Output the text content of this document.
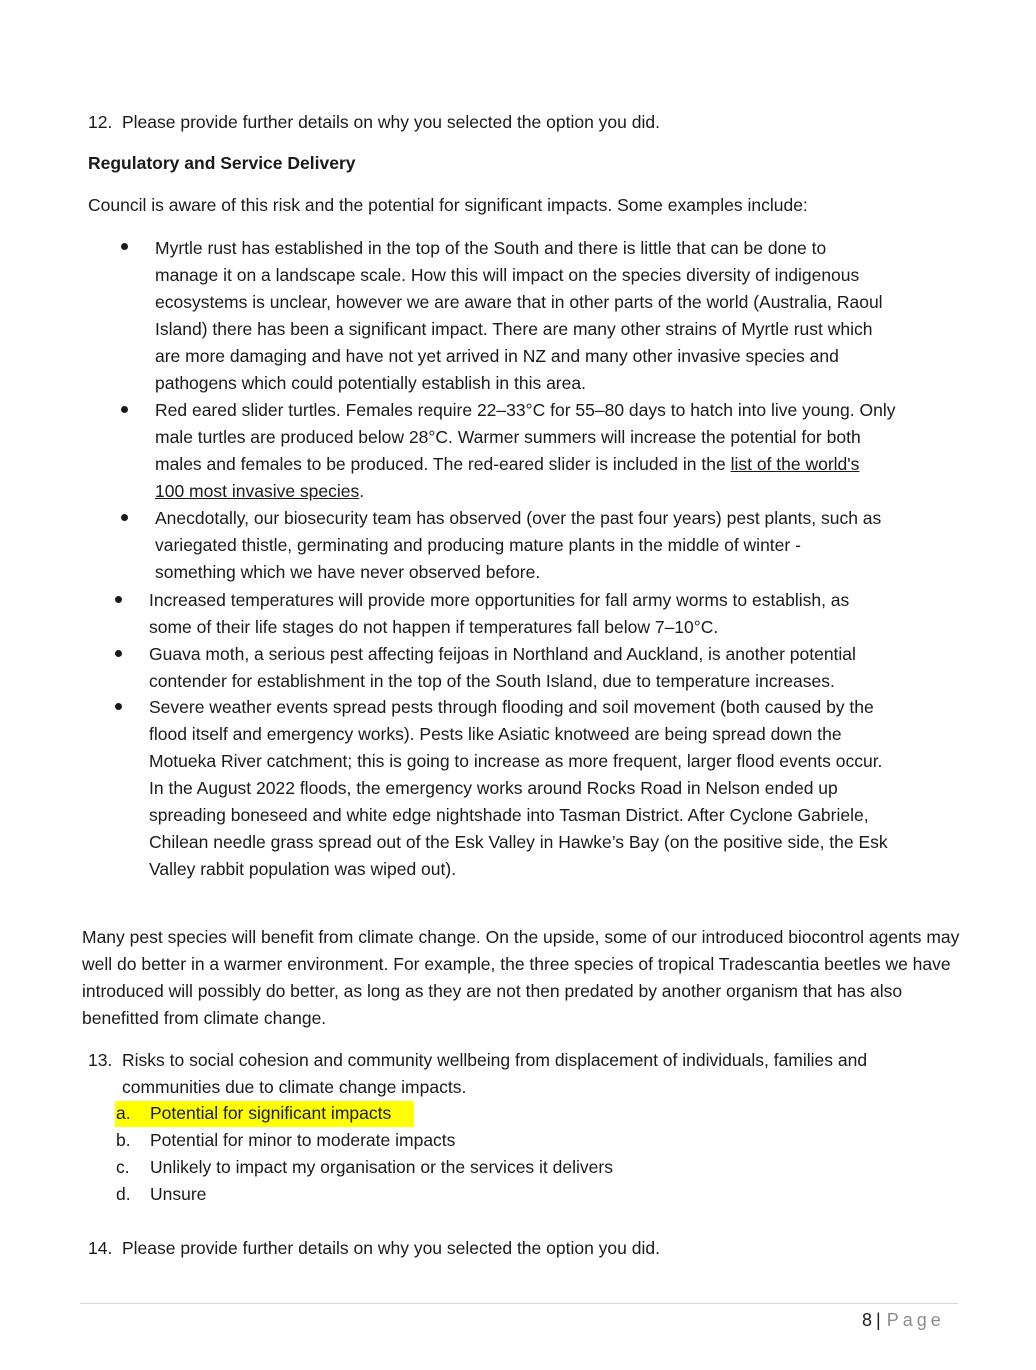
12. Please provide further details on why you selected the option you did.
Regulatory and Service Delivery
Council is aware of this risk and the potential for significant impacts. Some examples include:
Myrtle rust has established in the top of the South and there is little that can be done to
manage it on a landscape scale. How this will impact on the species diversity of indigenous
ecosystems is unclear, however we are aware that in other parts of the world (Australia, Raoul
Island) there has been a significant impact. There are many other strains of Myrtle rust which
are more damaging and have not yet arrived in NZ and many other invasive species and
pathogens which could potentially establish in this area.
Red eared slider turtles. Females require 22–33°C for 55–80 days to hatch into live young. Only
male turtles are produced below 28°C. Warmer summers will increase the potential for both
males and females to be produced. The red-eared slider is included in the list of the world's
100 most invasive species.
Anecdotally, our biosecurity team has observed (over the past four years) pest plants, such as
variegated thistle, germinating and producing mature plants in the middle of winter -
something which we have never observed before.
Increased temperatures will provide more opportunities for fall army worms to establish, as
some of their life stages do not happen if temperatures fall below 7–10°C.
Guava moth, a serious pest affecting feijoas in Northland and Auckland, is another potential
contender for establishment in the top of the South Island, due to temperature increases.
Severe weather events spread pests through flooding and soil movement (both caused by the
flood itself and emergency works). Pests like Asiatic knotweed are being spread down the
Motueka River catchment; this is going to increase as more frequent, larger flood events occur.
In the August 2022 floods, the emergency works around Rocks Road in Nelson ended up
spreading boneseed and white edge nightshade into Tasman District. After Cyclone Gabriele,
Chilean needle grass spread out of the Esk Valley in Hawke’s Bay (on the positive side, the Esk
Valley rabbit population was wiped out).
Many pest species will benefit from climate change. On the upside, some of our introduced biocontrol agents may well do better in a warmer environment. For example, the three species of tropical Tradescantia beetles we have introduced will possibly do better, as long as they are not then predated by another organism that has also benefitted from climate change.
13. Risks to social cohesion and community wellbeing from displacement of individuals, families and
communities due to climate change impacts.
a. Potential for significant impacts
b. Potential for minor to moderate impacts
c. Unlikely to impact my organisation or the services it delivers
d. Unsure
14. Please provide further details on why you selected the option you did.
8 | Page
